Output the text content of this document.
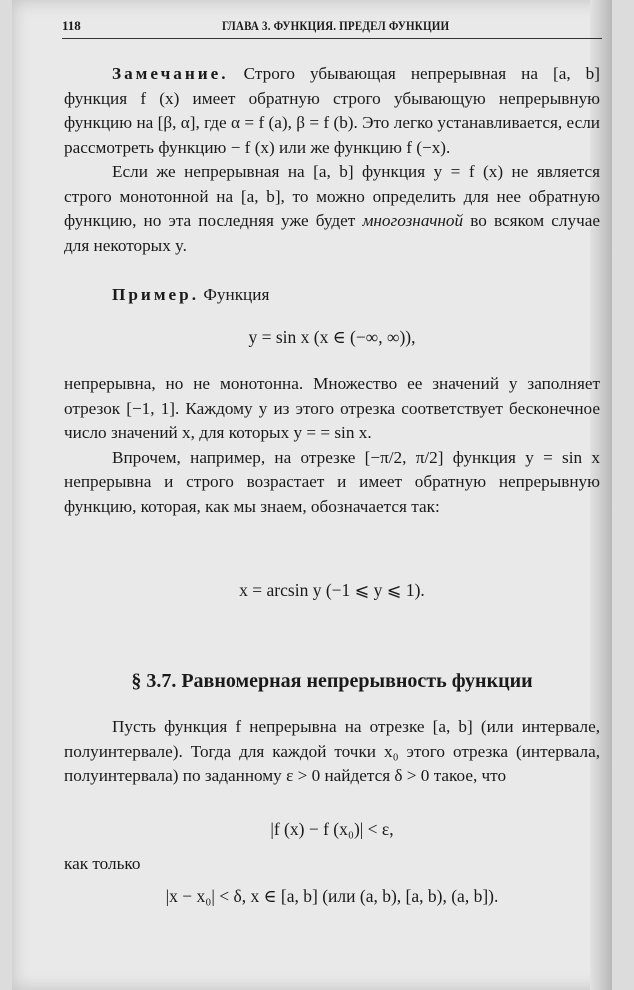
118	ГЛАВА 3. ФУНКЦИЯ. ПРЕДЕЛ ФУНКЦИИ

Замечание. Строго убывающая непрерывная на [a, b] функция f (x) имеет обратную строго убывающую непрерывную функцию на [β, α], где α = f (a), β = f (b). Это легко устанавливается, если рассмотреть функцию − f (x) или же функцию f (−x).

Если же непрерывная на [a, b] функция y = f (x) не является строго монотонной на [a, b], то можно определить для нее обратную функцию, но эта последняя уже будет многозначной во всяком случае для некоторых y.

Пример. Функция

y = sin x (x ∈ (−∞, ∞)),

непрерывна, но не монотонна. Множество ее значений y заполняет отрезок [−1, 1]. Каждому y из этого отрезка соответствует бесконечное число значений x, для которых y = = sin x.

Впрочем, например, на отрезке [−π/2, π/2] функция y = sin x непрерывна и строго возрастает и имеет обратную непрерывную функцию, которая, как мы знаем, обозначается так:

x = arcsin y (−1 ⩽ y ⩽ 1).
§ 3.7. Равномерная непрерывность функции

Пусть функция f непрерывна на отрезке [a, b] (или интервале, полуинтервале). Тогда для каждой точки x₀ этого отрезка (интервала, полуинтервала) по заданному ε > 0 найдется δ > 0 такое, что

|f (x) − f (x₀)| < ε,

как только

|x − x₀| < δ, x ∈ [a, b] (или (a, b), [a, b), (a, b]).
